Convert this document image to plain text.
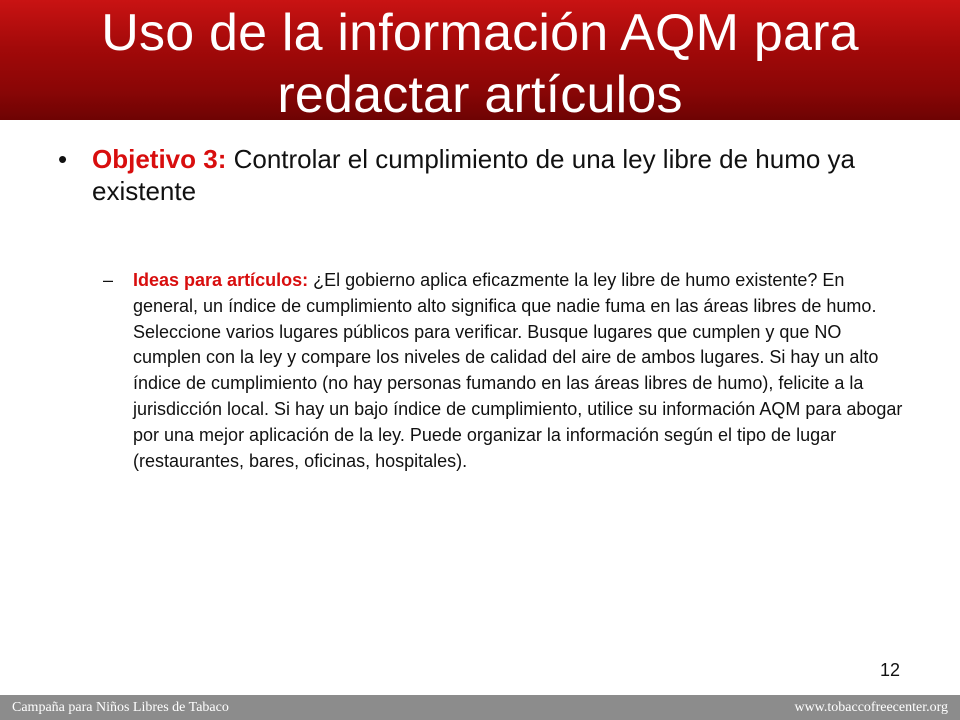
Uso de la información AQM para
redactar artículos
• Objetivo 3: Controlar el cumplimiento de una ley libre de humo ya existente
–	Ideas para artículos: ¿El gobierno aplica eficazmente la ley libre de humo existente? En general, un índice de cumplimiento alto significa que nadie fuma en las áreas libres de humo. Seleccione varios lugares públicos para verificar. Busque lugares que cumplen y que NO cumplen con la ley y compare los niveles de calidad del aire de ambos lugares. Si hay un alto índice de cumplimiento (no hay personas fumando en las áreas libres de humo), felicite a la jurisdicción local. Si hay un bajo índice de cumplimiento, utilice su información AQM para abogar por una mejor aplicación de la ley. Puede organizar la información según el tipo de lugar (restaurantes, bares, oficinas, hospitales).
12
Campaña para Niños Libres de Tabaco	www.tobaccofreecenter.org
